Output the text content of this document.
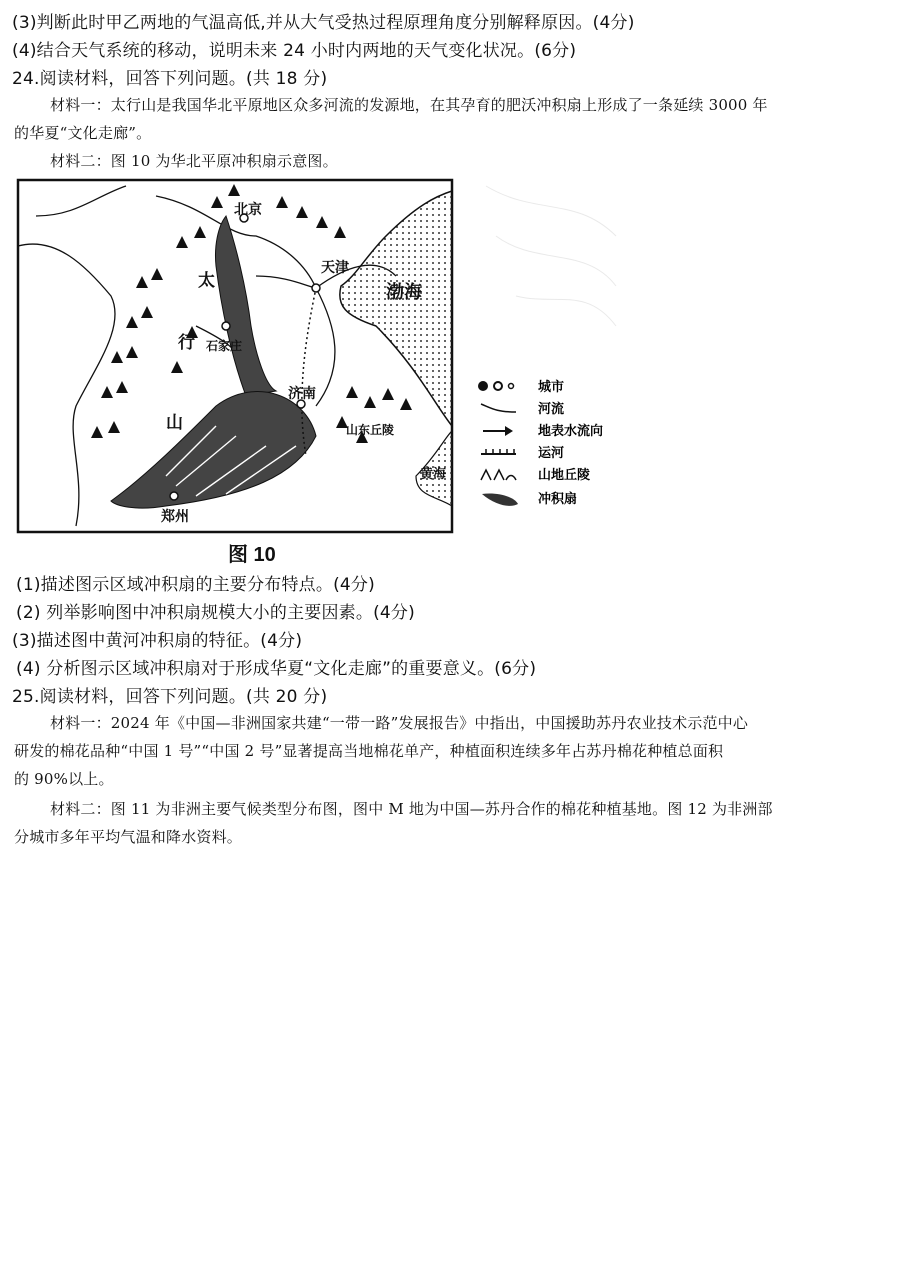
(3)判断此时甲乙两地的气温高低,并从大气受热过程原理角度分别解释原因。(4分)
(4)结合天气系统的移动，说明未来 24 小时内两地的天气变化状况。(6分)
24.阅读材料，回答下列问题。(共 18 分)
材料一：太行山是我国华北平原地区众多河流的发源地，在其孕育的肥沃冲积扇上形成了一条延续 3000 年
的华夏“文化走廊”。
材料二：图 10 为华北平原冲积扇示意图。
北京
天津
渤海
太
行
山
石家庄
济南
山东丘陵
郑州
黄海
城市
河流
地表水流向
运河
山地丘陵
冲积扇
图 10
(1)描述图示区域冲积扇的主要分布特点。(4分)
(2) 列举影响图中冲积扇规模大小的主要因素。(4分)
(3)描述图中黄河冲积扇的特征。(4分)
(4) 分析图示区域冲积扇对于形成华夏“文化走廊”的重要意义。(6分)
25.阅读材料，回答下列问题。(共 20 分)
材料一：2024 年《中国—非洲国家共建“一带一路”发展报告》中指出，中国援助苏丹农业技术示范中心
研发的棉花品种“中国 1 号”“中国 2 号”显著提高当地棉花单产，种植面积连续多年占苏丹棉花种植总面积
的 90%以上。
材料二：图 11 为非洲主要气候类型分布图，图中 M 地为中国—苏丹合作的棉花种植基地。图 12 为非洲部
分城市多年平均气温和降水资料。
